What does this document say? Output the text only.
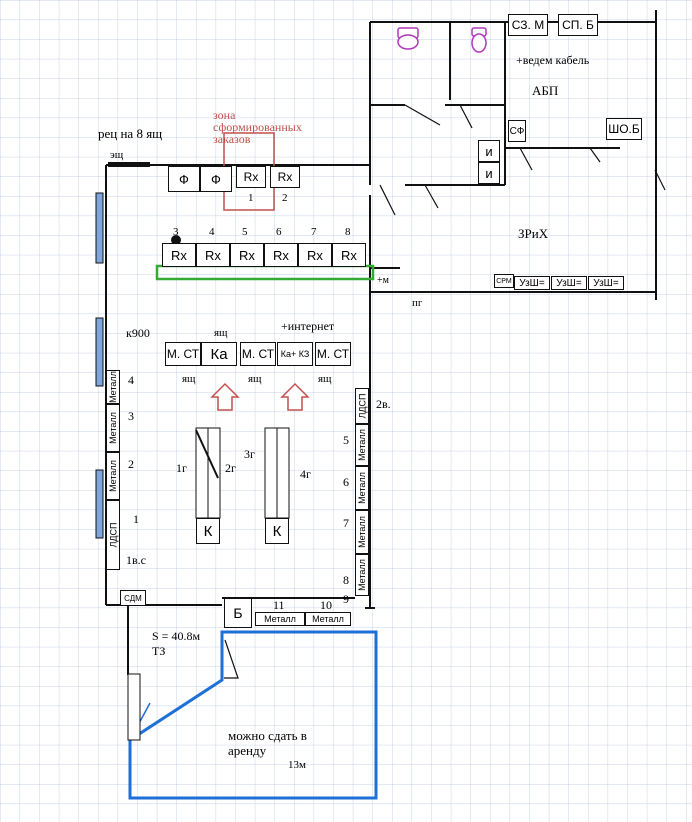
рец на 8 ящ
эщ
зона сформированных заказов
+ведем кабель
АБП
ЗРиХ
пг
+м
к900	ящ	+интернет
ящ	ящ	ящ
1г	2г
3г
4г
1в.с
2в.
S = 40.8м
ТЗ
можно сдать в аренду
13м
3	4	5	6	7	8
Rx Rx Rx Rx Rx Rx
Ф	Ф	Rx Rx
1	2
М. СТ Ка М. СТ Ка+ КЗ М. СТ
К	К
Металл
Металл
Металл
ЛДСП
4
3
2
1
ЛДСП
Металл
Металл
Металл
Металл
5
6
7
8
9
Б Металл Металл
11	10
СДМ
СЗ. М СП. Б
ШО.Б
СФ
и
и
СРМ УзШ= УзШ= УзШ=
